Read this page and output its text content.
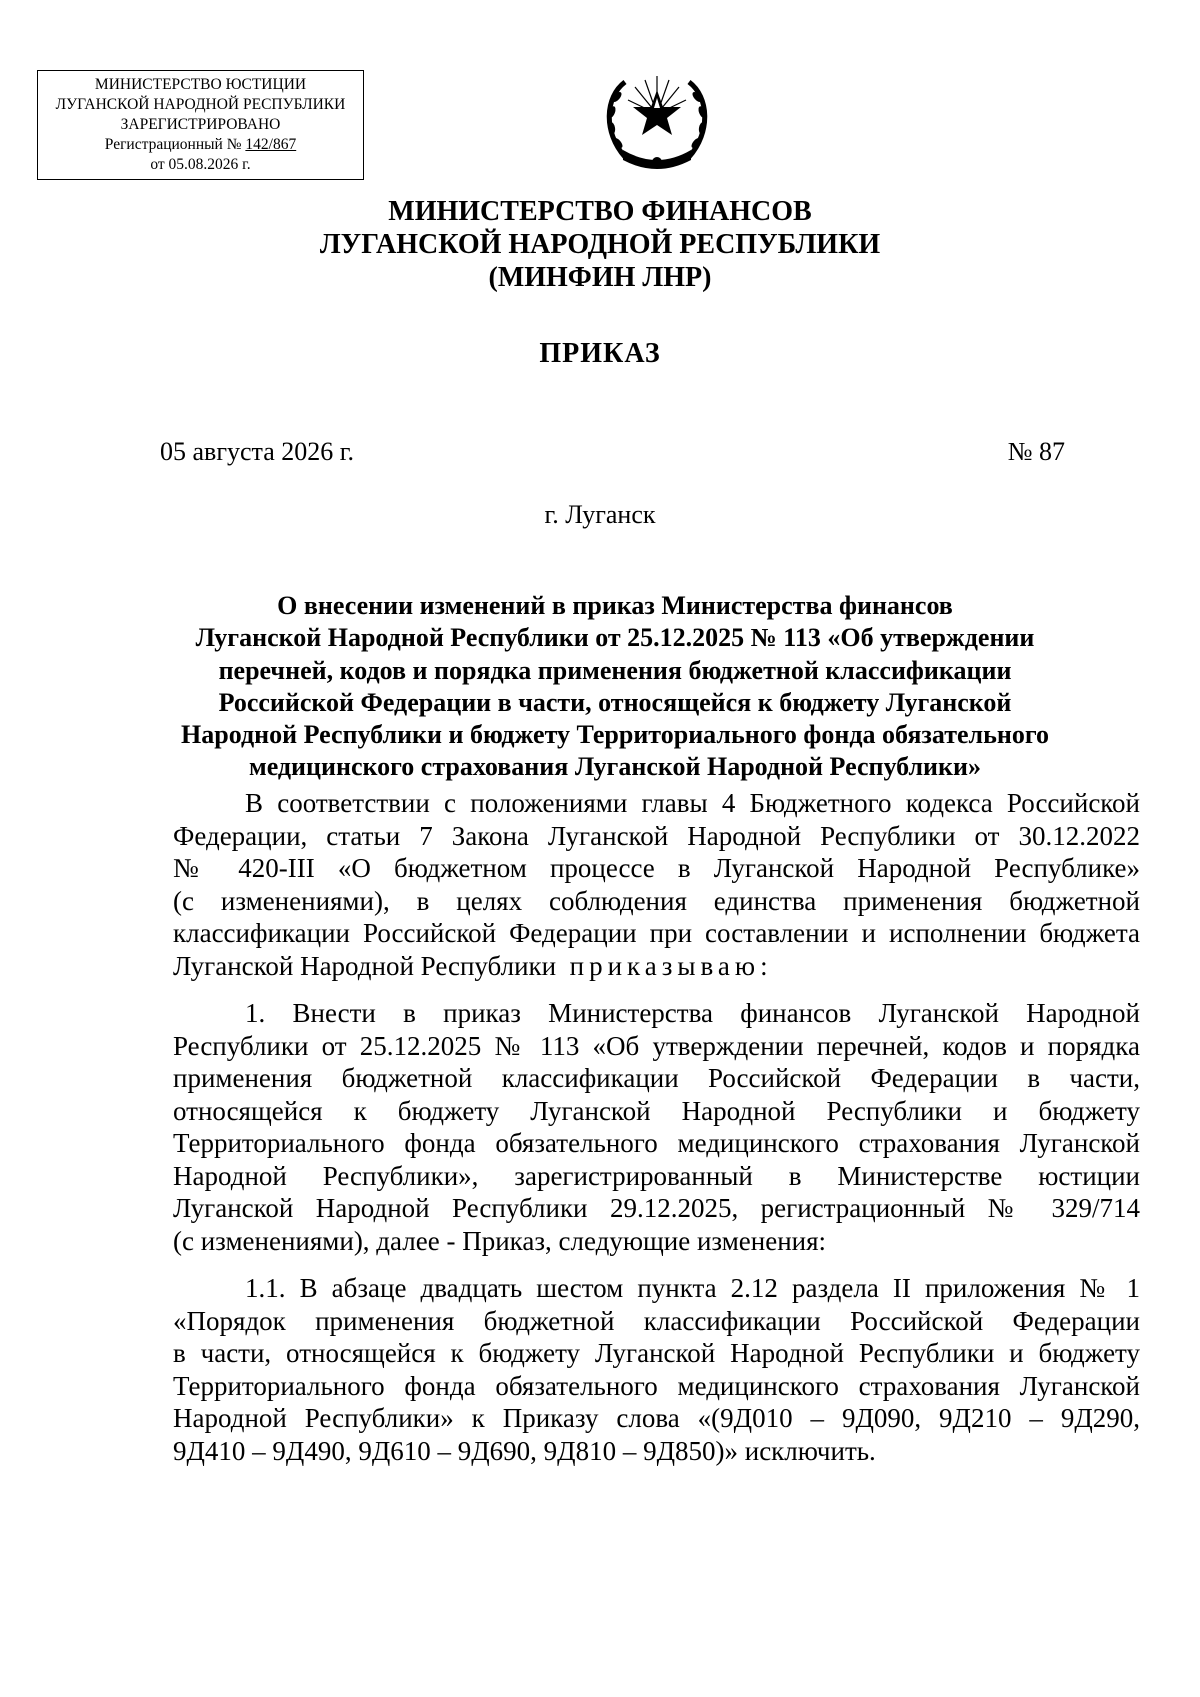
МИНИСТЕРСТВО ЮСТИЦИИ
ЛУГАНСКОЙ НАРОДНОЙ РЕСПУБЛИКИ
ЗАРЕГИСТРИРОВАНО
Регистрационный № 142/867
от 05.08.2026 г.
МИНИСТЕРСТВО ФИНАНСОВ
ЛУГАНСКОЙ НАРОДНОЙ РЕСПУБЛИКИ
(МИНФИН ЛНР)
ПРИКАЗ
05 августа 2026 г.	№ 87
г. Луганск
О внесении изменений в приказ Министерства финансов
Луганской Народной Республики от 25.12.2025 № 113 «Об утверждении
перечней, кодов и порядка применения бюджетной классификации
Российской Федерации в части, относящейся к бюджету Луганской
Народной Республики и бюджету Территориального фонда обязательного
медицинского страхования Луганской Народной Республики»
В соответствии с положениями главы 4 Бюджетного кодекса Российской
Федерации, статьи 7 Закона Луганской Народной Республики от 30.12.2022
№ 420-III «О бюджетном процессе в Луганской Народной Республике»
(с изменениями), в целях соблюдения единства применения бюджетной
классификации Российской Федерации при составлении и исполнении бюджета
Луганской Народной Республики приказываю:
1. Внести в приказ Министерства финансов Луганской Народной
Республики от 25.12.2025 № 113 «Об утверждении перечней, кодов и порядка
применения бюджетной классификации Российской Федерации в части,
относящейся к бюджету Луганской Народной Республики и бюджету
Территориального фонда обязательного медицинского страхования Луганской
Народной Республики», зарегистрированный в Министерстве юстиции
Луганской Народной Республики 29.12.2025, регистрационный № 329/714
(с изменениями), далее - Приказ, следующие изменения:
1.1. В абзаце двадцать шестом пункта 2.12 раздела II приложения № 1
«Порядок применения бюджетной классификации Российской Федерации
в части, относящейся к бюджету Луганской Народной Республики и бюджету
Территориального фонда обязательного медицинского страхования Луганской
Народной Республики» к Приказу слова «(9Д010 – 9Д090, 9Д210 – 9Д290,
9Д410 – 9Д490, 9Д610 – 9Д690, 9Д810 – 9Д850)» исключить.
